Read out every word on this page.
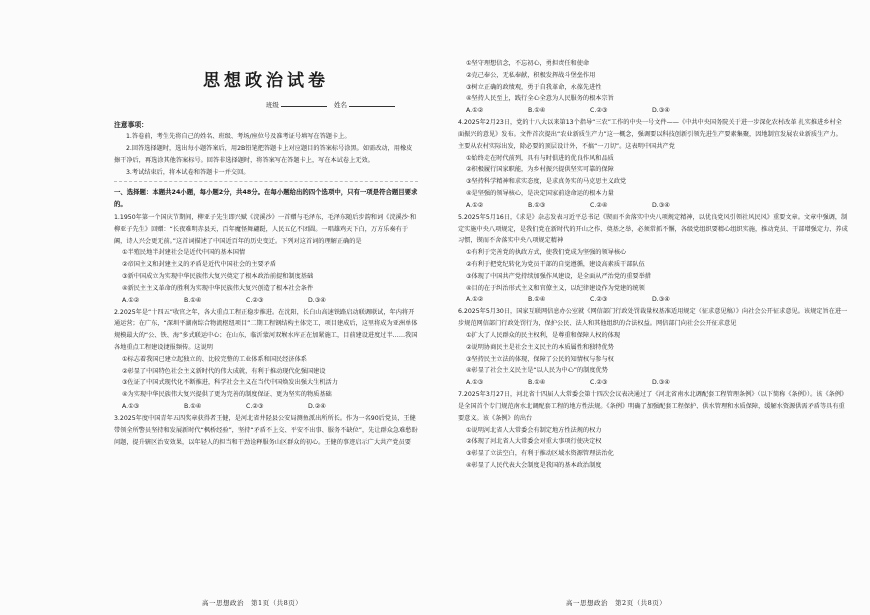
思想政治试卷
班级	姓名

注意事项：

1.答卷前，考生先将自己的姓名、班级、考场/座位号及准考证号填写在答题卡上。

2.回答选择题时，选出每小题答案后，用2B铅笔把答题卡上对应题目的答案标号涂黑。如需改动，用橡皮擦干净后，再选涂其他答案标号。回答非选择题时，将答案写在答题卡上，写在本试卷上无效。

3.考试结束后，将本试卷和答题卡一并交回。

一、选择题：本题共24小题，每小题2分，共48分。在每小题给出的四个选项中，只有一项是符合题目要求的。

1.1950年第一个国庆节期间，柳亚子先生即兴赋《浣溪沙》一首赠与毛泽东，毛泽东随后步韵和词《浣溪沙·和柳亚子先生》回赠：“长夜难明赤县天，百年魔怪舞翩跹，人民五亿不团圆。一唱雄鸡天下白，万方乐奏有于阗，诗人兴会更无前。”这首词描述了中国近百年的历史变迁。下列对这首词的理解正确的是

①半殖民地半封建社会是近代中国的基本国情

②帝国主义和封建主义的矛盾是近代中国社会的主要矛盾

③新中国成立为实现中华民族伟大复兴奠定了根本政治前提和制度基础

④新民主主义革命的胜利为实现中华民族伟大复兴创造了根本社会条件

A.①②	B.①④	C.②③	D.③④

2.2025年是“十四五”收官之年，各大重点工程正稳步推进。在沈阳，长白山高速铁路启动联调联试，年内将开通运营；在广东，“深圳平湖南综合物流枢纽项目”二期工程钢结构主体完工，项目建成后，这里将成为亚洲单体规模最大的“公、铁、海”多式联运中心；在山东，临沂蒙河双堠水库正在加紧施工，目前建设进度过半……我国各地重点工程建设捷报频传。这说明

①标志着我国已建立起独立的、比较完整的工业体系和国民经济体系

②彰显了中国特色社会主义新时代的伟大成就，有利于推动现代化强国建设

③佐证了中国式现代化不断推进，科学社会主义在当代中国焕发出强大生机活力

④为实现中华民族伟大复兴提供了更为完善的制度保证、更为坚实的物质基础

A.①③	B.①④	C.②③	D.②④

3.2025年度中国青年五四奖章获得者王健，是河北省井陉县公安局测鱼派出所所长。作为一名90后党员，王健带领全所警员坚持和发展新时代“枫桥经验”，坚持“矛盾不上交、平安不出事、服务不缺位”，先让群众急难愁盼问题，提升辖区治安效果，以年轻人的担当和干劲诠释服务山区群众的初心。王健的事迹启示广大共产党员要

高一思想政治　第1页（共8页）

①坚守理想信念，不忘初心，勇担责任和使命

②克己奉公，无私奉献，积极发挥战斗堡垒作用

③树立正确的政绩观，勇于自我革命，永葆先进性

④坚持人民至上，践行全心全意为人民服务的根本宗旨

A.①②	B.①④	C.②③	D.③④

4.2025年2月23日，党的十八大以来第13个指导“三农”工作的中央一号文件——《中共中央国务院关于进一步深化农村改革 扎实推进乡村全面振兴的意见》发布。文件首次提出“农业新质生产力”这一概念，强调要以科技创新引领先进生产要素集聚，因地制宜发展农业新质生产力。主要从农村实际出发，除必要的顶层设计外，不搞“一刀切”。这表明中国共产党

①始终走在时代前列，具有与时俱进的优良作风和品质

②积极履行国家职能，为乡村振兴提供坚实可靠的保障

③坚持科学精神和求实态度，是求真务实的马克思主义政党

④是坚强的领导核心，是决定国家前途命运的根本力量

A.①②	B.①③	C.②④	D.③④

5.2025年5月16日，《求是》杂志发表习近平总书记《锲而不舍落实中央八项规定精神，以优良党风引领社风民风》重要文章。文章中强调，制定实施中央八项规定，是我们党在新时代的开山之作、奠基之举，必须常抓不懈，各级党组织要精心组织实施，推动党员、干部增强定力、养成习惯，锲而不舍落实中央八项规定精神

①有利于完善党的执政方式，使我们党成为坚强的领导核心

②有利于把党纪转化为党员干部的自觉遵循，建设高素质干部队伍

③体现了中国共产党持续加强作风建设，是全面从严治党的重要举措

④目的在于纠治形式主义和官僚主义，以纪律建设作为党建的统领

A.①②	B.①④	C.②③	D.③④

6.2025年5月30日，国家互联网信息办公室就《网信部门行政处罚裁量权基准适用规定（征求意见稿）》向社会公开征求意见。该规定旨在进一步规范网信部门行政处罚行为，保护公民、法人和其他组织的合法权益。网信部门向社会公开征求意见

①扩大了人民群众的民主权利，是尊重和保障人权的体现

②说明协商民主是社会主义民主的本质属性和独特优势

③坚持民主立法的体现，保障了公民的知情权与参与权

④彰显了社会主义民主是“以人民为中心”的制度优势

A.①③	B.①④	C.②③	D.③④

7.2025年3月27日，河北省十四届人大常委会第十四次会议表决通过了《河北省南水北调配套工程管理条例》（以下简称《条例》）。该《条例》是全国首个专门规范南水北调配套工程的地方性法规。《条例》明确了加强配套工程保护、供水管理和水质保障，缓解水资源供需矛盾等具有重要意义。该《条例》的出台

①说明河北省人大常委会有制定地方性法规的权力

②体现了河北省人大常委会对重大事项行使决定权

③彰显了立法空白，有利于推动区域水资源管理法治化

④彰显了人民代表大会制度是我国的基本政治制度

高一思想政治　第2页（共8页）
